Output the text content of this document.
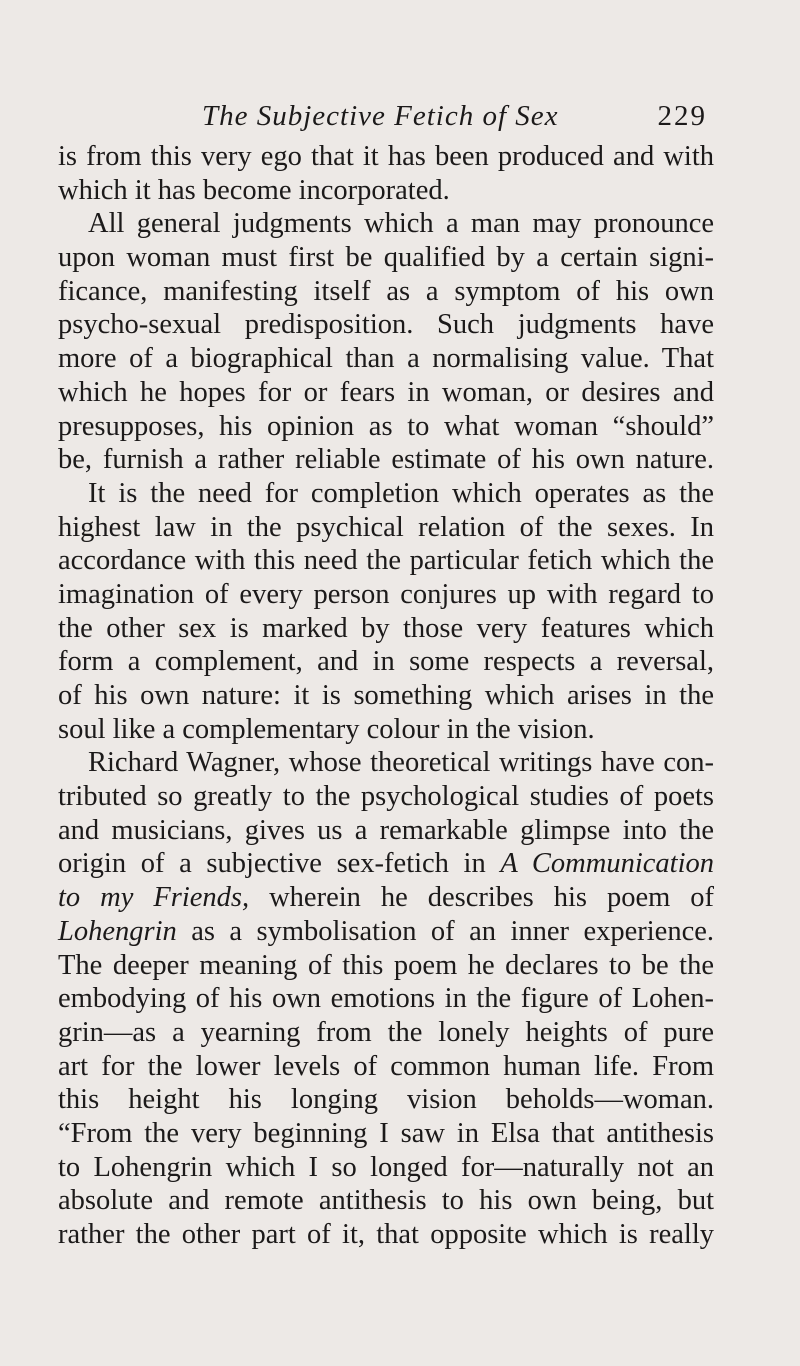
The Subjective Fetich of Sex	229
is from this very ego that it has been produced and with
which it has become incorporated.
All general judgments which a man may pronounce
upon woman must first be qualified by a certain signi-
ficance, manifesting itself as a symptom of his own
psycho-sexual predisposition. Such judgments have
more of a biographical than a normalising value. That
which he hopes for or fears in woman, or desires and
presupposes, his opinion as to what woman “should”
be, furnish a rather reliable estimate of his own nature.
It is the need for completion which operates as the
highest law in the psychical relation of the sexes. In
accordance with this need the particular fetich which the
imagination of every person conjures up with regard to
the other sex is marked by those very features which
form a complement, and in some respects a reversal,
of his own nature: it is something which arises in the
soul like a complementary colour in the vision.
Richard Wagner, whose theoretical writings have con-
tributed so greatly to the psychological studies of poets
and musicians, gives us a remarkable glimpse into the
origin of a subjective sex-fetich in A Communication
to my Friends, wherein he describes his poem of
Lohengrin as a symbolisation of an inner experience.
The deeper meaning of this poem he declares to be the
embodying of his own emotions in the figure of Lohen-
grin—as a yearning from the lonely heights of pure
art for the lower levels of common human life. From
this height his longing vision beholds—woman.
“From the very beginning I saw in Elsa that antithesis
to Lohengrin which I so longed for—naturally not an
absolute and remote antithesis to his own being, but
rather the other part of it, that opposite which is really
